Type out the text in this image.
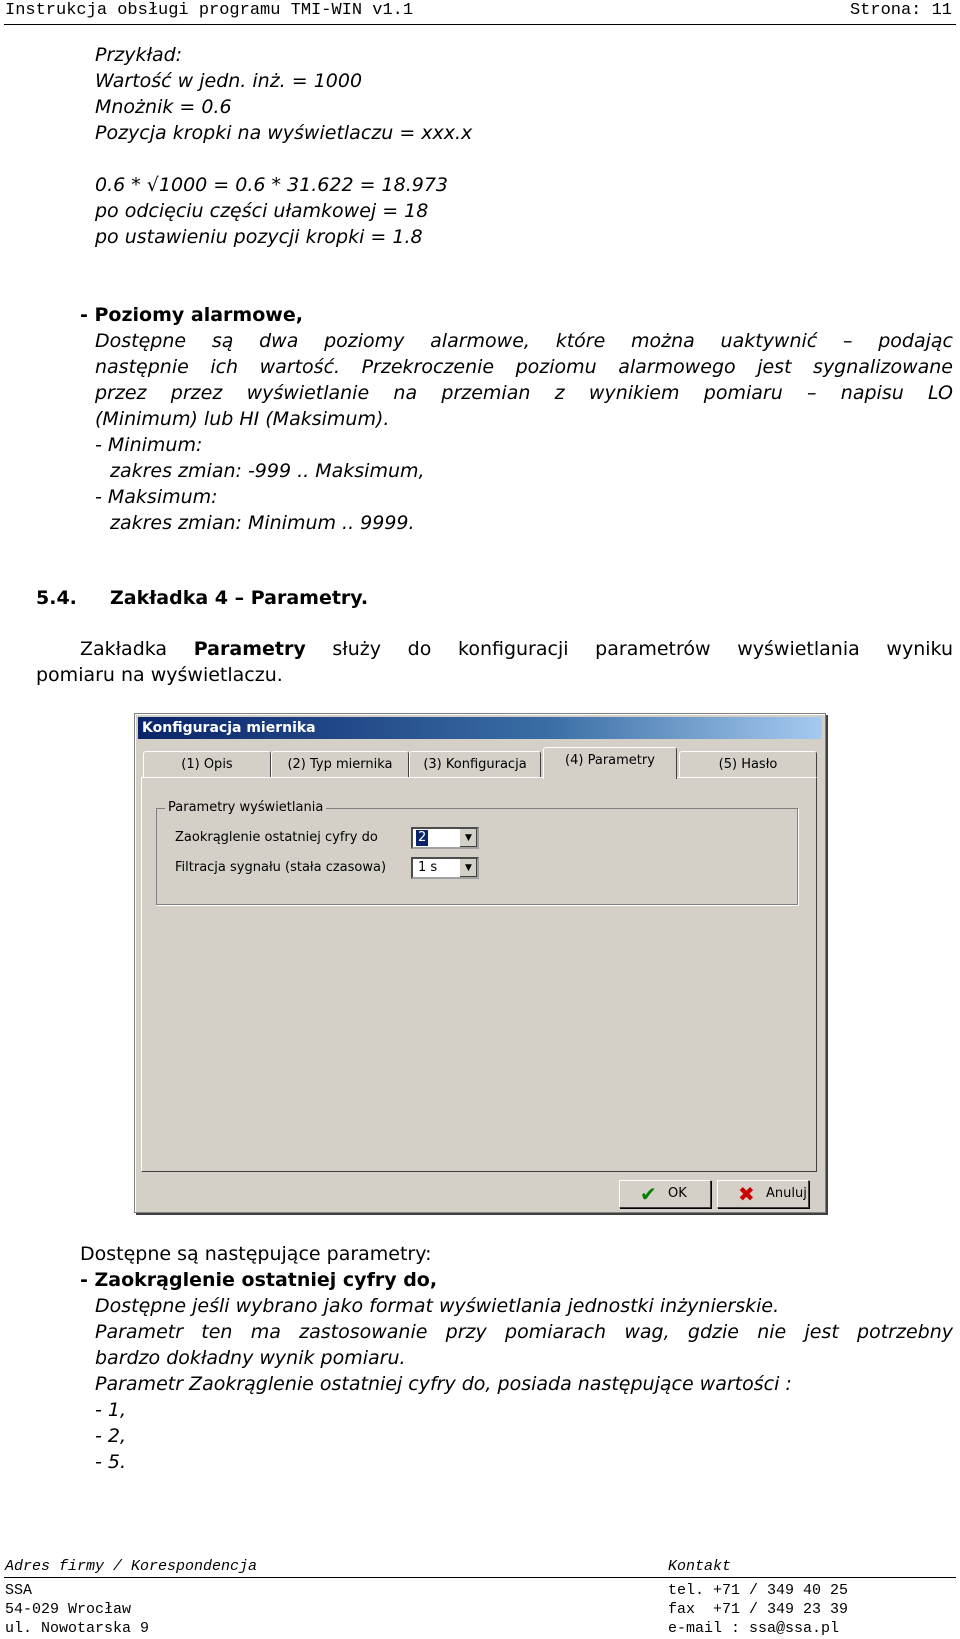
Instrukcja obsługi programu TMI-WIN v1.1	Strona: 11
Przykład:
Wartość w jedn. inż. = 1000
Mnożnik = 0.6
Pozycja kropki na wyświetlaczu = xxx.x
0.6 * √1000 = 0.6 * 31.622 = 18.973
po odcięciu części ułamkowej = 18
po ustawieniu pozycji kropki = 1.8
- Poziomy alarmowe,
Dostępne są dwa poziomy alarmowe, które można uaktywnić – podając
następnie ich wartość. Przekroczenie poziomu alarmowego jest sygnalizowane
przez przez wyświetlanie na przemian z wynikiem pomiaru – napisu LO
(Minimum) lub HI (Maksimum).
- Minimum:
zakres zmian: -999 .. Maksimum,
- Maksimum:
zakres zmian: Minimum .. 9999.
5.4. Zakładka 4 – Parametry.
Zakładka Parametry służy do konfiguracji parametrów wyświetlania wyniku
pomiaru na wyświetlaczu.
Konfiguracja miernika
(1) Opis	(2) Typ miernika	(3) Konfiguracja	(4) Parametry	(5) Hasło
Parametry wyświetlania
Zaokrąglenie ostatniej cyfry do	2	▼
Filtracja sygnału (stała czasowa) 1 s	▼
✔ OK	✖ Anuluj
Dostępne są następujące parametry:
- Zaokrąglenie ostatniej cyfry do,
Dostępne jeśli wybrano jako format wyświetlania jednostki inżynierskie.
Parametr ten ma zastosowanie przy pomiarach wag, gdzie nie jest potrzebny
bardzo dokładny wynik pomiaru.
Parametr Zaokrąglenie ostatniej cyfry do, posiada następujące wartości :
- 1,
- 2,
- 5.
Adres firmy / Korespondencja	Kontakt
SSA
54-029 Wrocław
ul. Nowotarska 9
tel. +71 / 349 40 25
fax  +71 / 349 23 39
e-mail : ssa@ssa.pl
